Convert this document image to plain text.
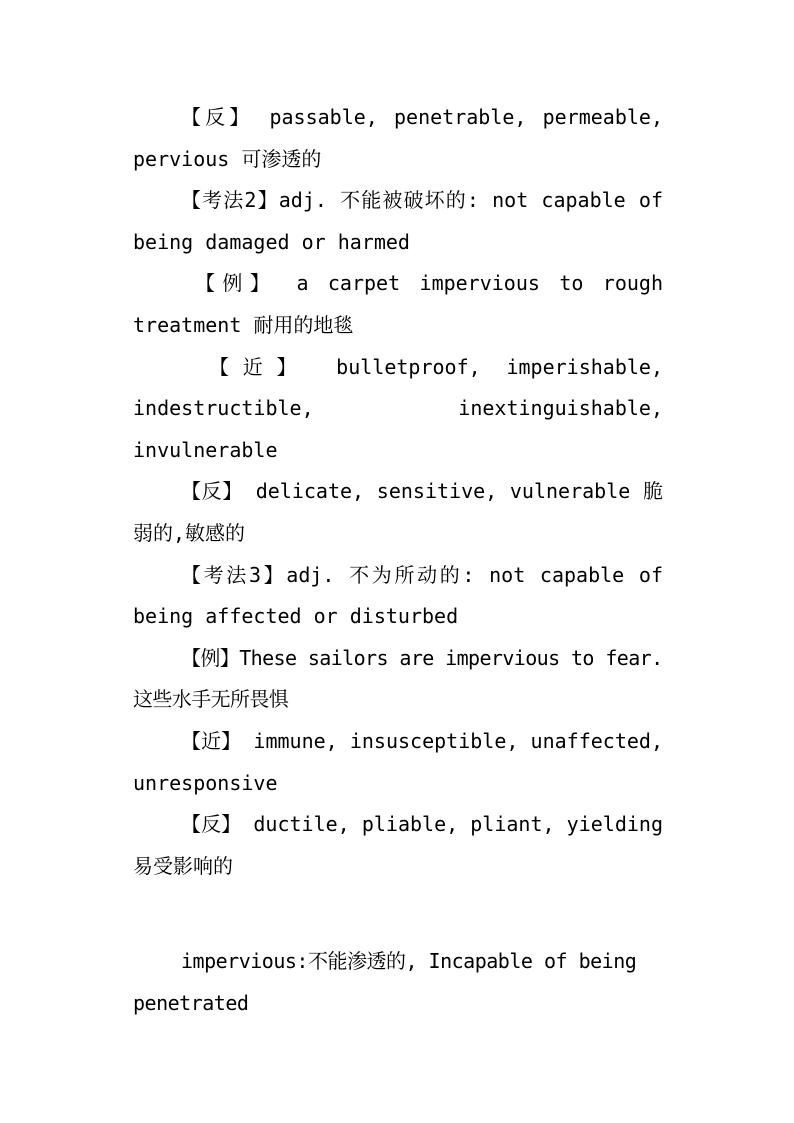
【反】 passable, penetrable, permeable, pervious 可渗透的

【考法2】adj. 不能被破坏的: not capable of being damaged or harmed

【例】 a carpet impervious to rough treatment 耐用的地毯

【近】 bulletproof, imperishable, indestructible, inextinguishable, invulnerable

【反】 delicate, sensitive, vulnerable 脆弱的,敏感的

【考法3】adj. 不为所动的: not capable of being affected or disturbed

【例】These sailors are impervious to fear. 这些水手无所畏惧

【近】 immune, insusceptible, unaffected, unresponsive

【反】 ductile, pliable, pliant, yielding 易受影响的

impervious:不能渗透的, Incapable of being penetrated
